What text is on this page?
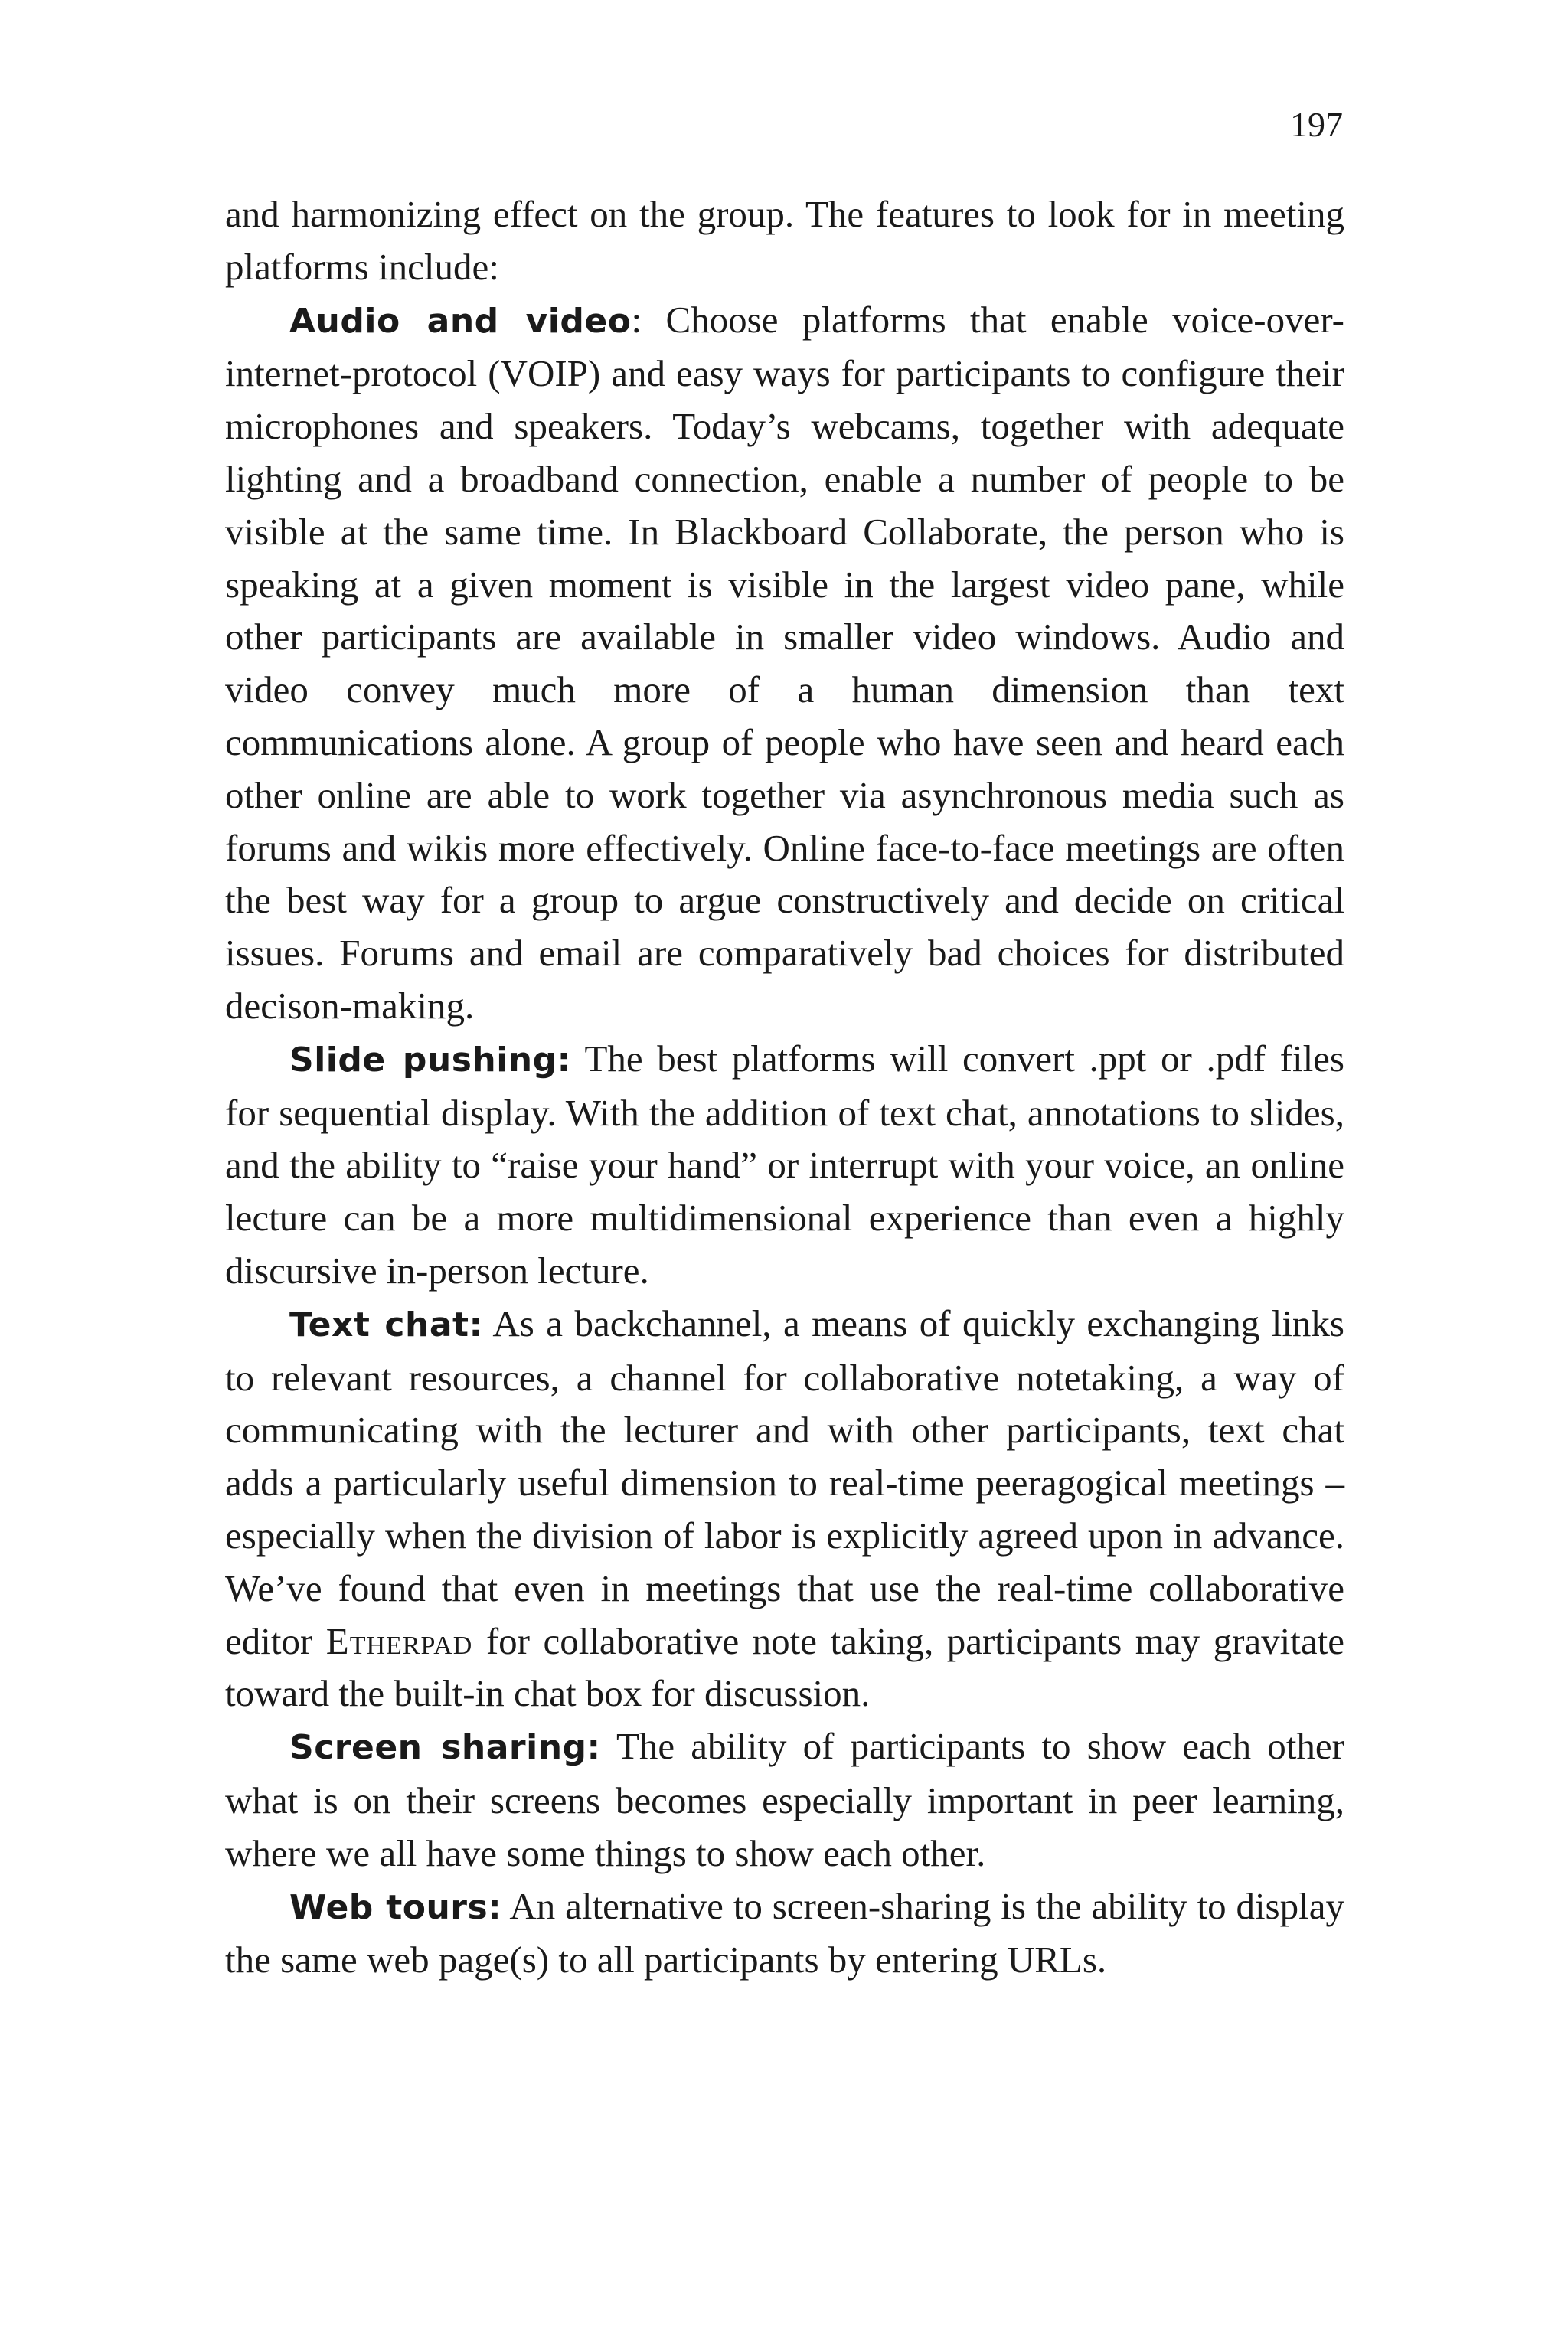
197

and harmonizing effect on the group. The features to look for in meeting platforms include:

Audio and video: Choose platforms that enable voice-over-internet-protocol (VOIP) and easy ways for participants to configure their microphones and speakers. Today’s webcams, together with adequate lighting and a broadband connection, enable a number of people to be visible at the same time. In Blackboard Collaborate, the person who is speaking at a given moment is visible in the largest video pane, while other participants are available in smaller video windows. Audio and video convey much more of a human dimension than text communications alone. A group of people who have seen and heard each other online are able to work together via asynchronous media such as forums and wikis more effectively. Online face-to-face meetings are often the best way for a group to argue constructively and decide on critical issues. Forums and email are comparatively bad choices for distributed decison-making.

Slide pushing: The best platforms will convert .ppt or .pdf files for sequential display. With the addition of text chat, annotations to slides, and the ability to “raise your hand” or interrupt with your voice, an online lecture can be a more multidimensional experience than even a highly discursive in-person lecture.

Text chat: As a backchannel, a means of quickly exchanging links to relevant resources, a channel for collaborative notetaking, a way of communicating with the lecturer and with other participants, text chat adds a particularly useful dimension to real-time peeragogical meetings – especially when the division of labor is explicitly agreed upon in advance. We’ve found that even in meetings that use the real-time collaborative editor Etherpad for collaborative note taking, participants may gravitate toward the built-in chat box for discussion.

Screen sharing: The ability of participants to show each other what is on their screens becomes especially important in peer learning, where we all have some things to show each other.

Web tours: An alternative to screen-sharing is the ability to display the same web page(s) to all participants by entering URLs.
